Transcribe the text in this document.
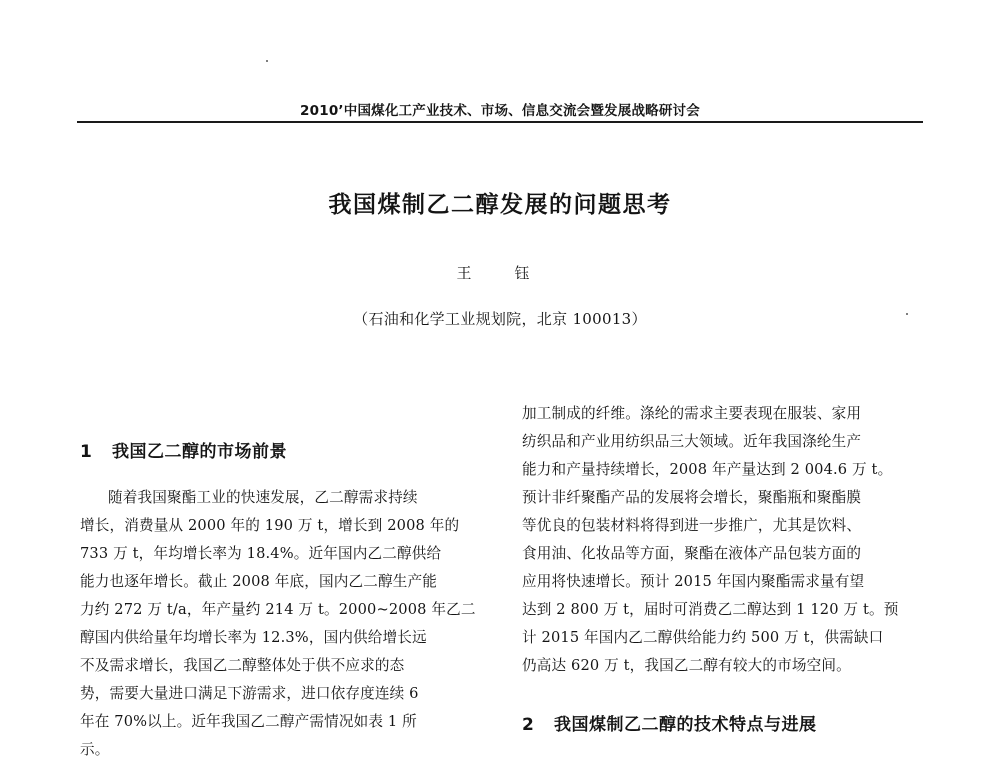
2010’中国煤化工产业技术、市场、信息交流会暨发展战略研讨会
我国煤制乙二醇发展的问题思考
王　钰
（石油和化学工业规划院，北京 100013）
1 我国乙二醇的市场前景
随着我国聚酯工业的快速发展，乙二醇需求持续
增长，消费量从 2000 年的 190 万 t，增长到 2008 年的
733 万 t，年均增长率为 18.4%。近年国内乙二醇供给
能力也逐年增长。截止 2008 年底，国内乙二醇生产能
力约 272 万 t/a，年产量约 214 万 t。2000~2008 年乙二
醇国内供给量年均增长率为 12.3%，国内供给增长远
不及需求增长，我国乙二醇整体处于供不应求的态
势，需要大量进口满足下游需求，进口依存度连续 6
年在 70%以上。近年我国乙二醇产需情况如表 1 所
示。
加工制成的纤维。涤纶的需求主要表现在服装、家用
纺织品和产业用纺织品三大领域。近年我国涤纶生产
能力和产量持续增长，2008 年产量达到 2 004.6 万 t。
预计非纤聚酯产品的发展将会增长，聚酯瓶和聚酯膜
等优良的包装材料将得到进一步推广，尤其是饮料、
食用油、化妆品等方面，聚酯在液体产品包装方面的
应用将快速增长。预计 2015 年国内聚酯需求量有望
达到 2 800 万 t，届时可消费乙二醇达到 1 120 万 t。预
计 2015 年国内乙二醇供给能力约 500 万 t，供需缺口
仍高达 620 万 t，我国乙二醇有较大的市场空间。
2 我国煤制乙二醇的技术特点与进展
